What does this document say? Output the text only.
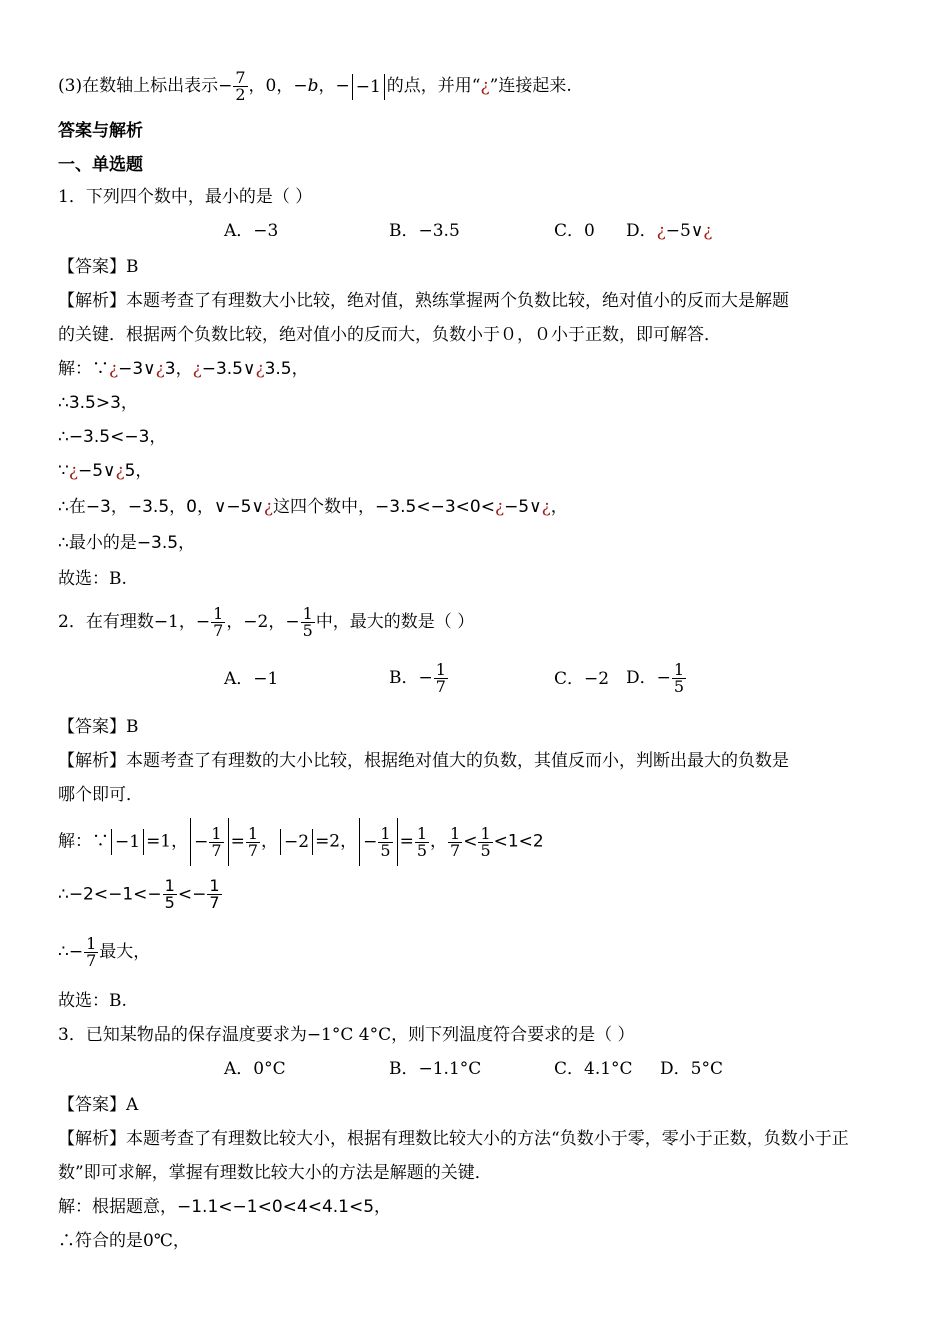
(3)在数轴上标出表示− $\frac{7}{2}$ ，0，−b，− −1 的点，并用“¿”连接起来.
答案与解析
一、单选题
1．下列四个数中，最小的是（ ）
A．−3	B．−3.5	C．0 D．¿−5∨¿
【答案】B
【解析】本题考查了有理数大小比较，绝对值，熟练掌握两个负数比较，绝对值小的反而大是解题
的关键．根据两个负数比较，绝对值小的反而大，负数小于０，０小于正数，即可解答．
解：∵¿−3∨¿3，¿−3.5∨¿3.5，
∴3.5>3，
∴−3.5<−3，
∵¿−5∨¿5，
∴在−3，−3.5，0，∨−5∨¿这四个数中，−3.5<−3<0<¿−5∨¿，
∴最小的是−3.5，
故选：B.
2．在有理数−1，− $\frac{1}{7}$ ，−2，− $\frac{1}{5}$ 中，最大的数是（ ）
A．−1	B．− $\frac{1}{7}$	C．−2 D．− $\frac{1}{5}$
【答案】B
【解析】本题考查了有理数的大小比较，根据绝对值大的负数，其值反而小，判断出最大的负数是
哪个即可．
解：∵ −1 =1， − $\frac{1}{7} = \frac{1}{7}$ ， −2 =2， − $\frac{1}{5} = \frac{1}{5}$ ， $\frac{1}{7} < \frac{1}{5} <1<2$
∴−2<−1<− $\frac{1}{5} <- \frac{1}{7}$
∴− $\frac{1}{7}$ 最大，
故选：B.
3．已知某物品的保存温度要求为−1°C 4°C，则下列温度符合要求的是（ ）
A．0°C	B．−1.1°C	C．4.1°C D．5°C
【答案】A
【解析】本题考查了有理数比较大小，根据有理数比较大小的方法“负数小于零，零小于正数，负数小于正数”即可求解，掌握有理数比较大小的方法是解题的关键．
解：根据题意，−1.1<−1<0<4<4.1<5，
∴符合的是0℃，
